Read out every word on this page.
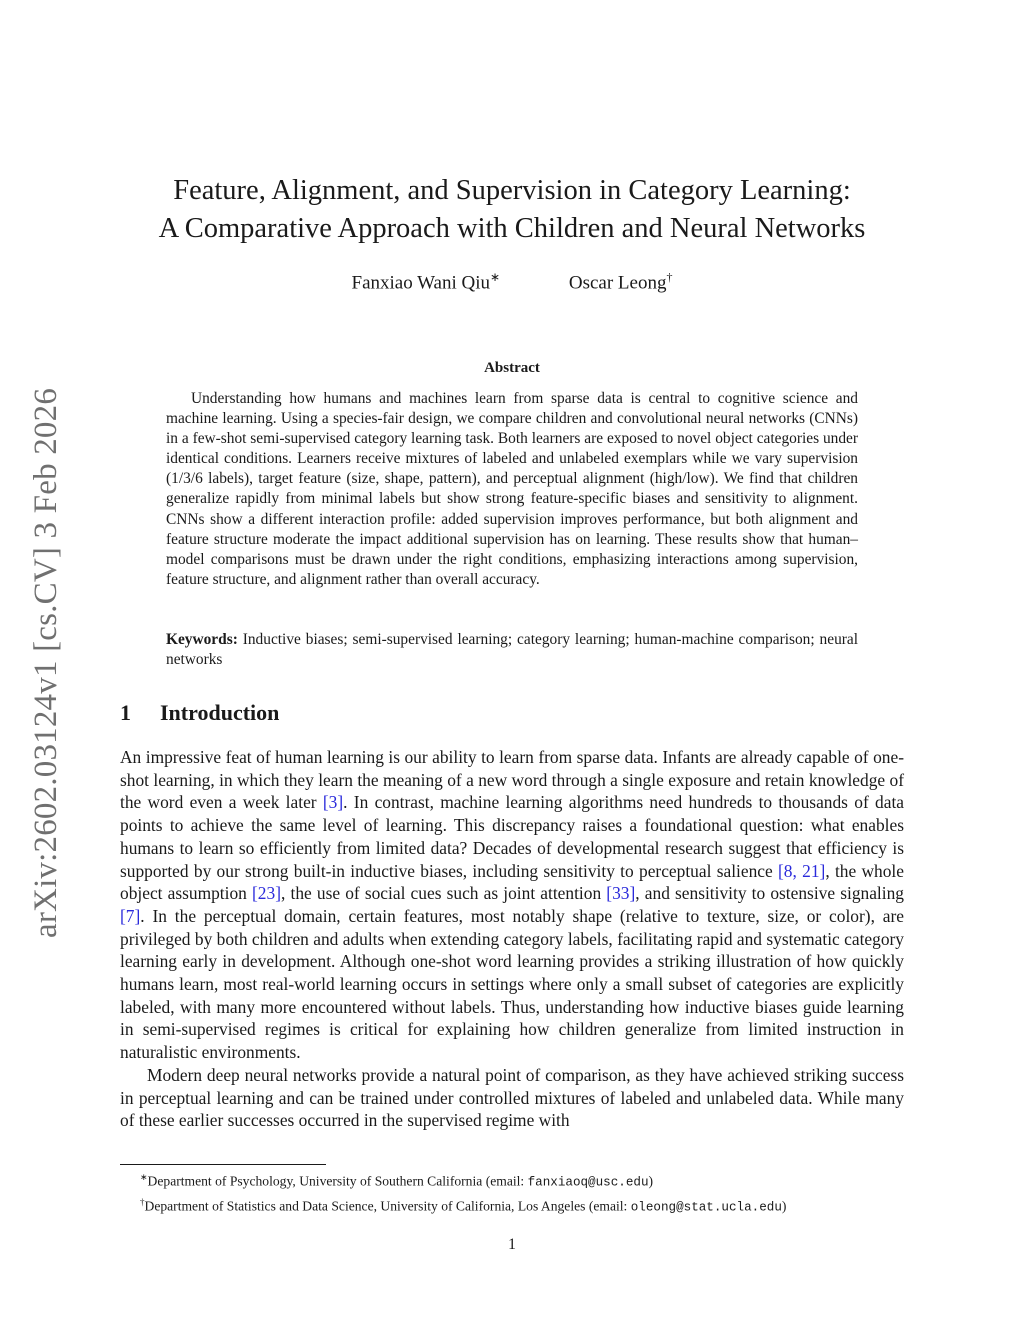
arXiv:2602.03124v1 [cs.CV] 3 Feb 2026
Feature, Alignment, and Supervision in Category Learning:
A Comparative Approach with Children and Neural Networks
Fanxiao Wani Qiu∗	Oscar Leong†
Abstract

Understanding how humans and machines learn from sparse data is central to cognitive science and machine learning. Using a species-fair design, we compare children and convolutional neural networks (CNNs) in a few-shot semi-supervised category learning task. Both learners are exposed to novel object categories under identical conditions. Learners receive mixtures of labeled and unlabeled exemplars while we vary supervision (1/3/6 labels), target feature (size, shape, pattern), and perceptual alignment (high/low). We find that children generalize rapidly from minimal labels but show strong feature-specific biases and sensitivity to alignment. CNNs show a different interaction profile: added supervision improves performance, but both alignment and feature structure moderate the impact additional supervision has on learning. These results show that human–model comparisons must be drawn under the right conditions, emphasizing interactions among supervision, feature structure, and alignment rather than overall accuracy.

Keywords: Inductive biases; semi-supervised learning; category learning; human-machine comparison; neural networks
1 Introduction

An impressive feat of human learning is our ability to learn from sparse data. Infants are already capable of one-shot learning, in which they learn the meaning of a new word through a single exposure and retain knowledge of the word even a week later [3]. In contrast, machine learning algorithms need hundreds to thousands of data points to achieve the same level of learning. This discrepancy raises a foundational question: what enables humans to learn so efficiently from limited data? Decades of developmental research suggest that efficiency is supported by our strong built-in inductive biases, including sensitivity to perceptual salience [8, 21], the whole object assumption [23], the use of social cues such as joint attention [33], and sensitivity to ostensive signaling [7]. In the perceptual domain, certain features, most notably shape (relative to texture, size, or color), are privileged by both children and adults when extending category labels, facilitating rapid and systematic category learning early in development. Although one-shot word learning provides a striking illustration of how quickly humans learn, most real-world learning occurs in settings where only a small subset of categories are explicitly labeled, with many more encountered without labels. Thus, understanding how inductive biases guide learning in semi-supervised regimes is critical for explaining how children generalize from limited instruction in naturalistic environments.

Modern deep neural networks provide a natural point of comparison, as they have achieved striking success in perceptual learning and can be trained under controlled mixtures of labeled and unlabeled data. While many of these earlier successes occurred in the supervised regime with

∗Department of Psychology, University of Southern California (email: fanxiaoq@usc.edu)
†Department of Statistics and Data Science, University of California, Los Angeles (email: oleong@stat.ucla.edu)
1
